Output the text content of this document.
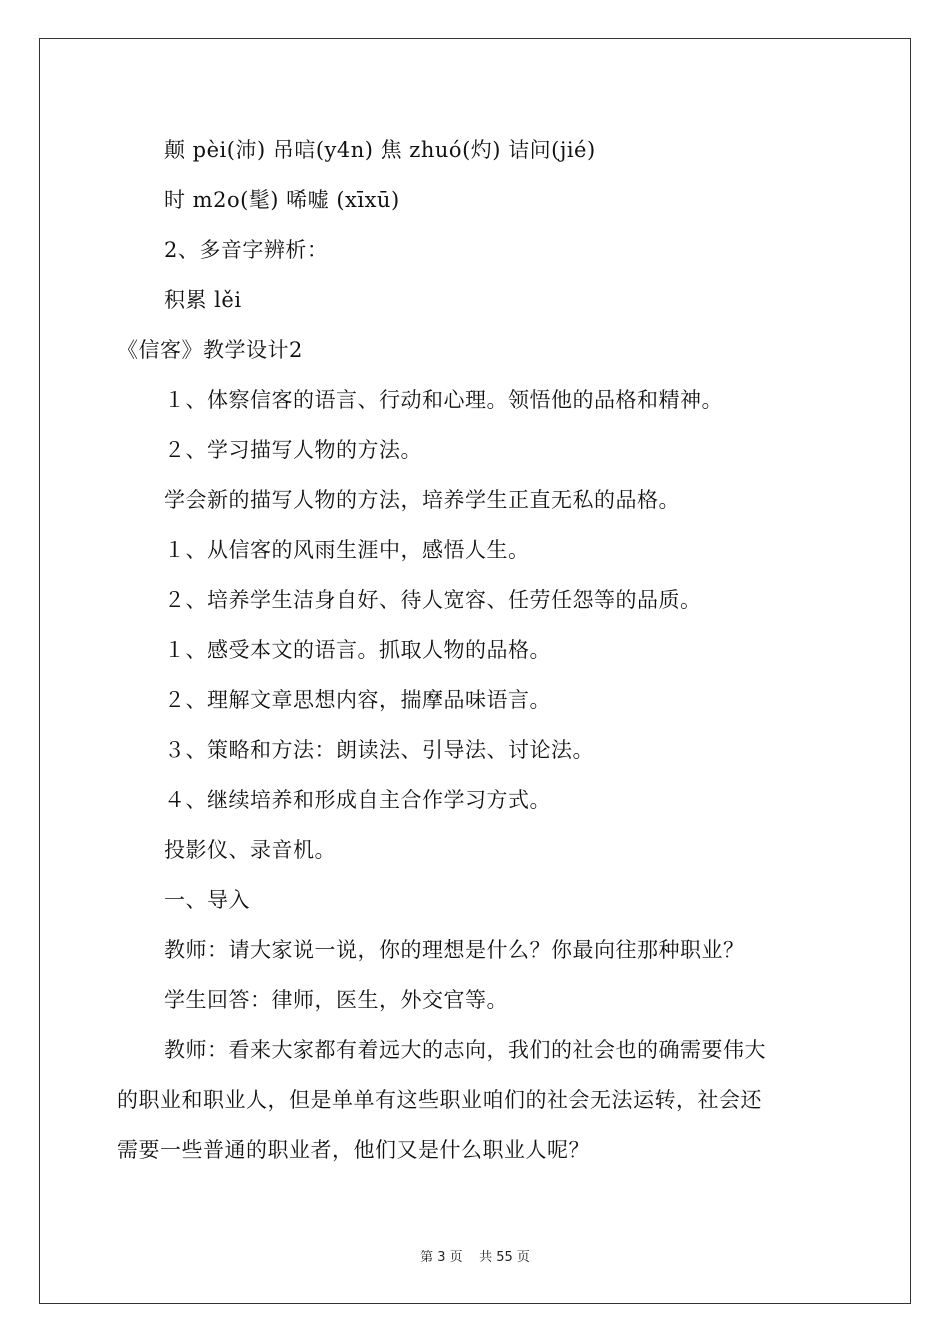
颠 pèi(沛) 吊唁(y4n) 焦 zhuó(灼) 诘问(jié)
时 m2o(髦) 唏嘘 (xīxū)
2、多音字辨析：
积累 lěi
《信客》教学设计2
１、体察信客的语言、行动和心理。领悟他的品格和精神。
２、学习描写人物的方法。
学会新的描写人物的方法，培养学生正直无私的品格。
１、从信客的风雨生涯中，感悟人生。
２、培养学生洁身自好、待人宽容、任劳任怨等的品质。
１、感受本文的语言。抓取人物的品格。
２、理解文章思想内容，揣摩品味语言。
３、策略和方法：朗读法、引导法、讨论法。
４、继续培养和形成自主合作学习方式。
投影仪、录音机。
一、导入
教师：请大家说一说，你的理想是什么？你最向往那种职业？
学生回答：律师，医生，外交官等。
教师：看来大家都有着远大的志向，我们的社会也的确需要伟大
的职业和职业人，但是单单有这些职业咱们的社会无法运转，社会还
需要一些普通的职业者，他们又是什么职业人呢？
第 3 页    共 55 页
